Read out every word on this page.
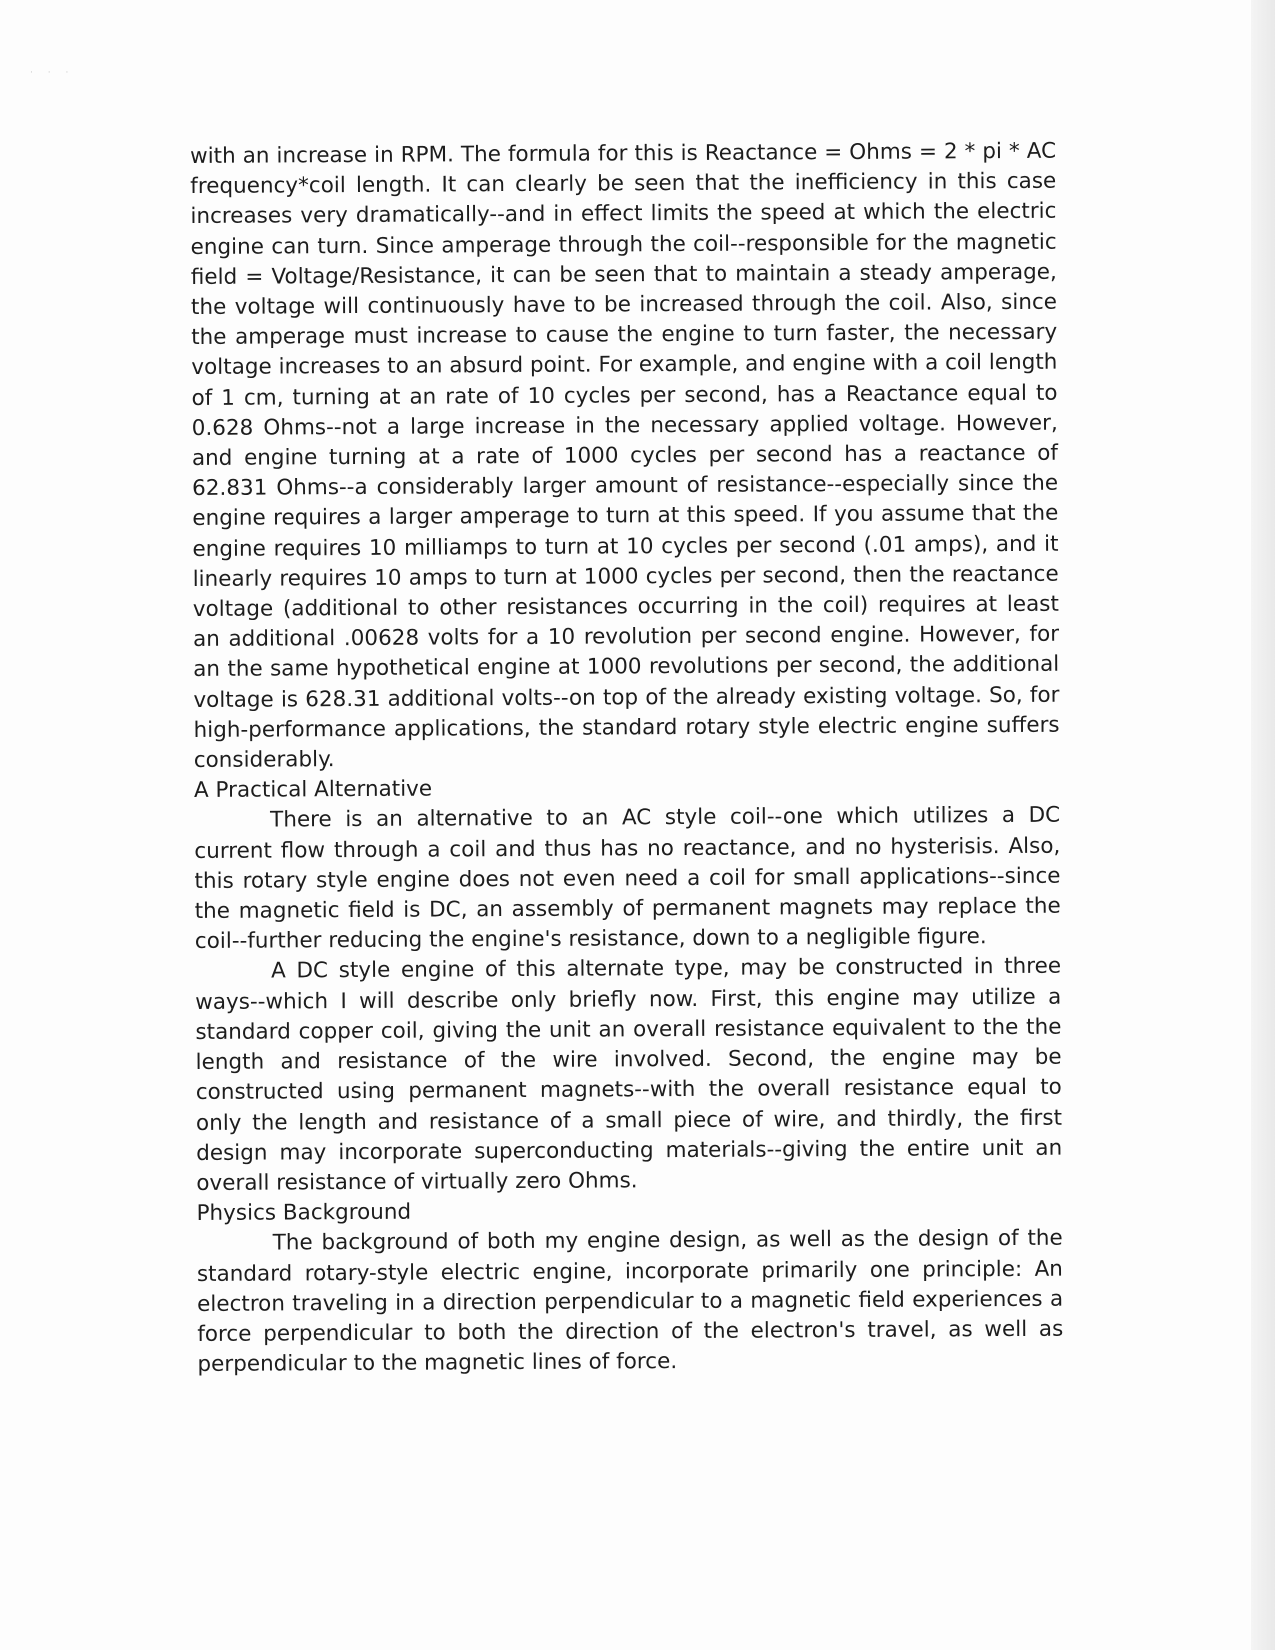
· · ·

with an increase in RPM. The formula for this is Reactance = Ohms = 2 * pi * AC frequency*coil length. It can clearly be seen that the inefficiency in this case increases very dramatically--and in effect limits the speed at which the electric engine can turn. Since amperage through the coil--responsible for the magnetic field = Voltage/Resistance, it can be seen that to maintain a steady amperage, the voltage will continuously have to be increased through the coil. Also, since the amperage must increase to cause the engine to turn faster, the necessary voltage increases to an absurd point. For example, and engine with a coil length of 1 cm, turning at an rate of 10 cycles per second, has a Reactance equal to 0.628 Ohms--not a large increase in the necessary applied voltage. However, and engine turning at a rate of 1000 cycles per second has a reactance of 62.831 Ohms--a considerably larger amount of resistance--especially since the engine requires a larger amperage to turn at this speed. If you assume that the engine requires 10 milliamps to turn at 10 cycles per second (.01 amps), and it linearly requires 10 amps to turn at 1000 cycles per second, then the reactance voltage (additional to other resistances occurring in the coil) requires at least an additional .00628 volts for a 10 revolution per second engine. However, for an the same hypothetical engine at 1000 revolutions per second, the additional voltage is 628.31 additional volts--on top of the already existing voltage. So, for high-performance applications, the standard rotary style electric engine suffers considerably.

A Practical Alternative

There is an alternative to an AC style coil--one which utilizes a DC current flow through a coil and thus has no reactance, and no hysterisis. Also, this rotary style engine does not even need a coil for small applications--since the magnetic field is DC, an assembly of permanent magnets may replace the coil--further reducing the engine's resistance, down to a negligible figure.

A DC style engine of this alternate type, may be constructed in three ways--which I will describe only briefly now. First, this engine may utilize a standard copper coil, giving the unit an overall resistance equivalent to the the length and resistance of the wire involved. Second, the engine may be constructed using permanent magnets--with the overall resistance equal to only the length and resistance of a small piece of wire, and thirdly, the first design may incorporate superconducting materials--giving the entire unit an overall resistance of virtually zero Ohms.

Physics Background

The background of both my engine design, as well as the design of the standard rotary-style electric engine, incorporate primarily one principle: An electron traveling in a direction perpendicular to a magnetic field experiences a force perpendicular to both the direction of the electron's travel, as well as perpendicular to the magnetic lines of force.
